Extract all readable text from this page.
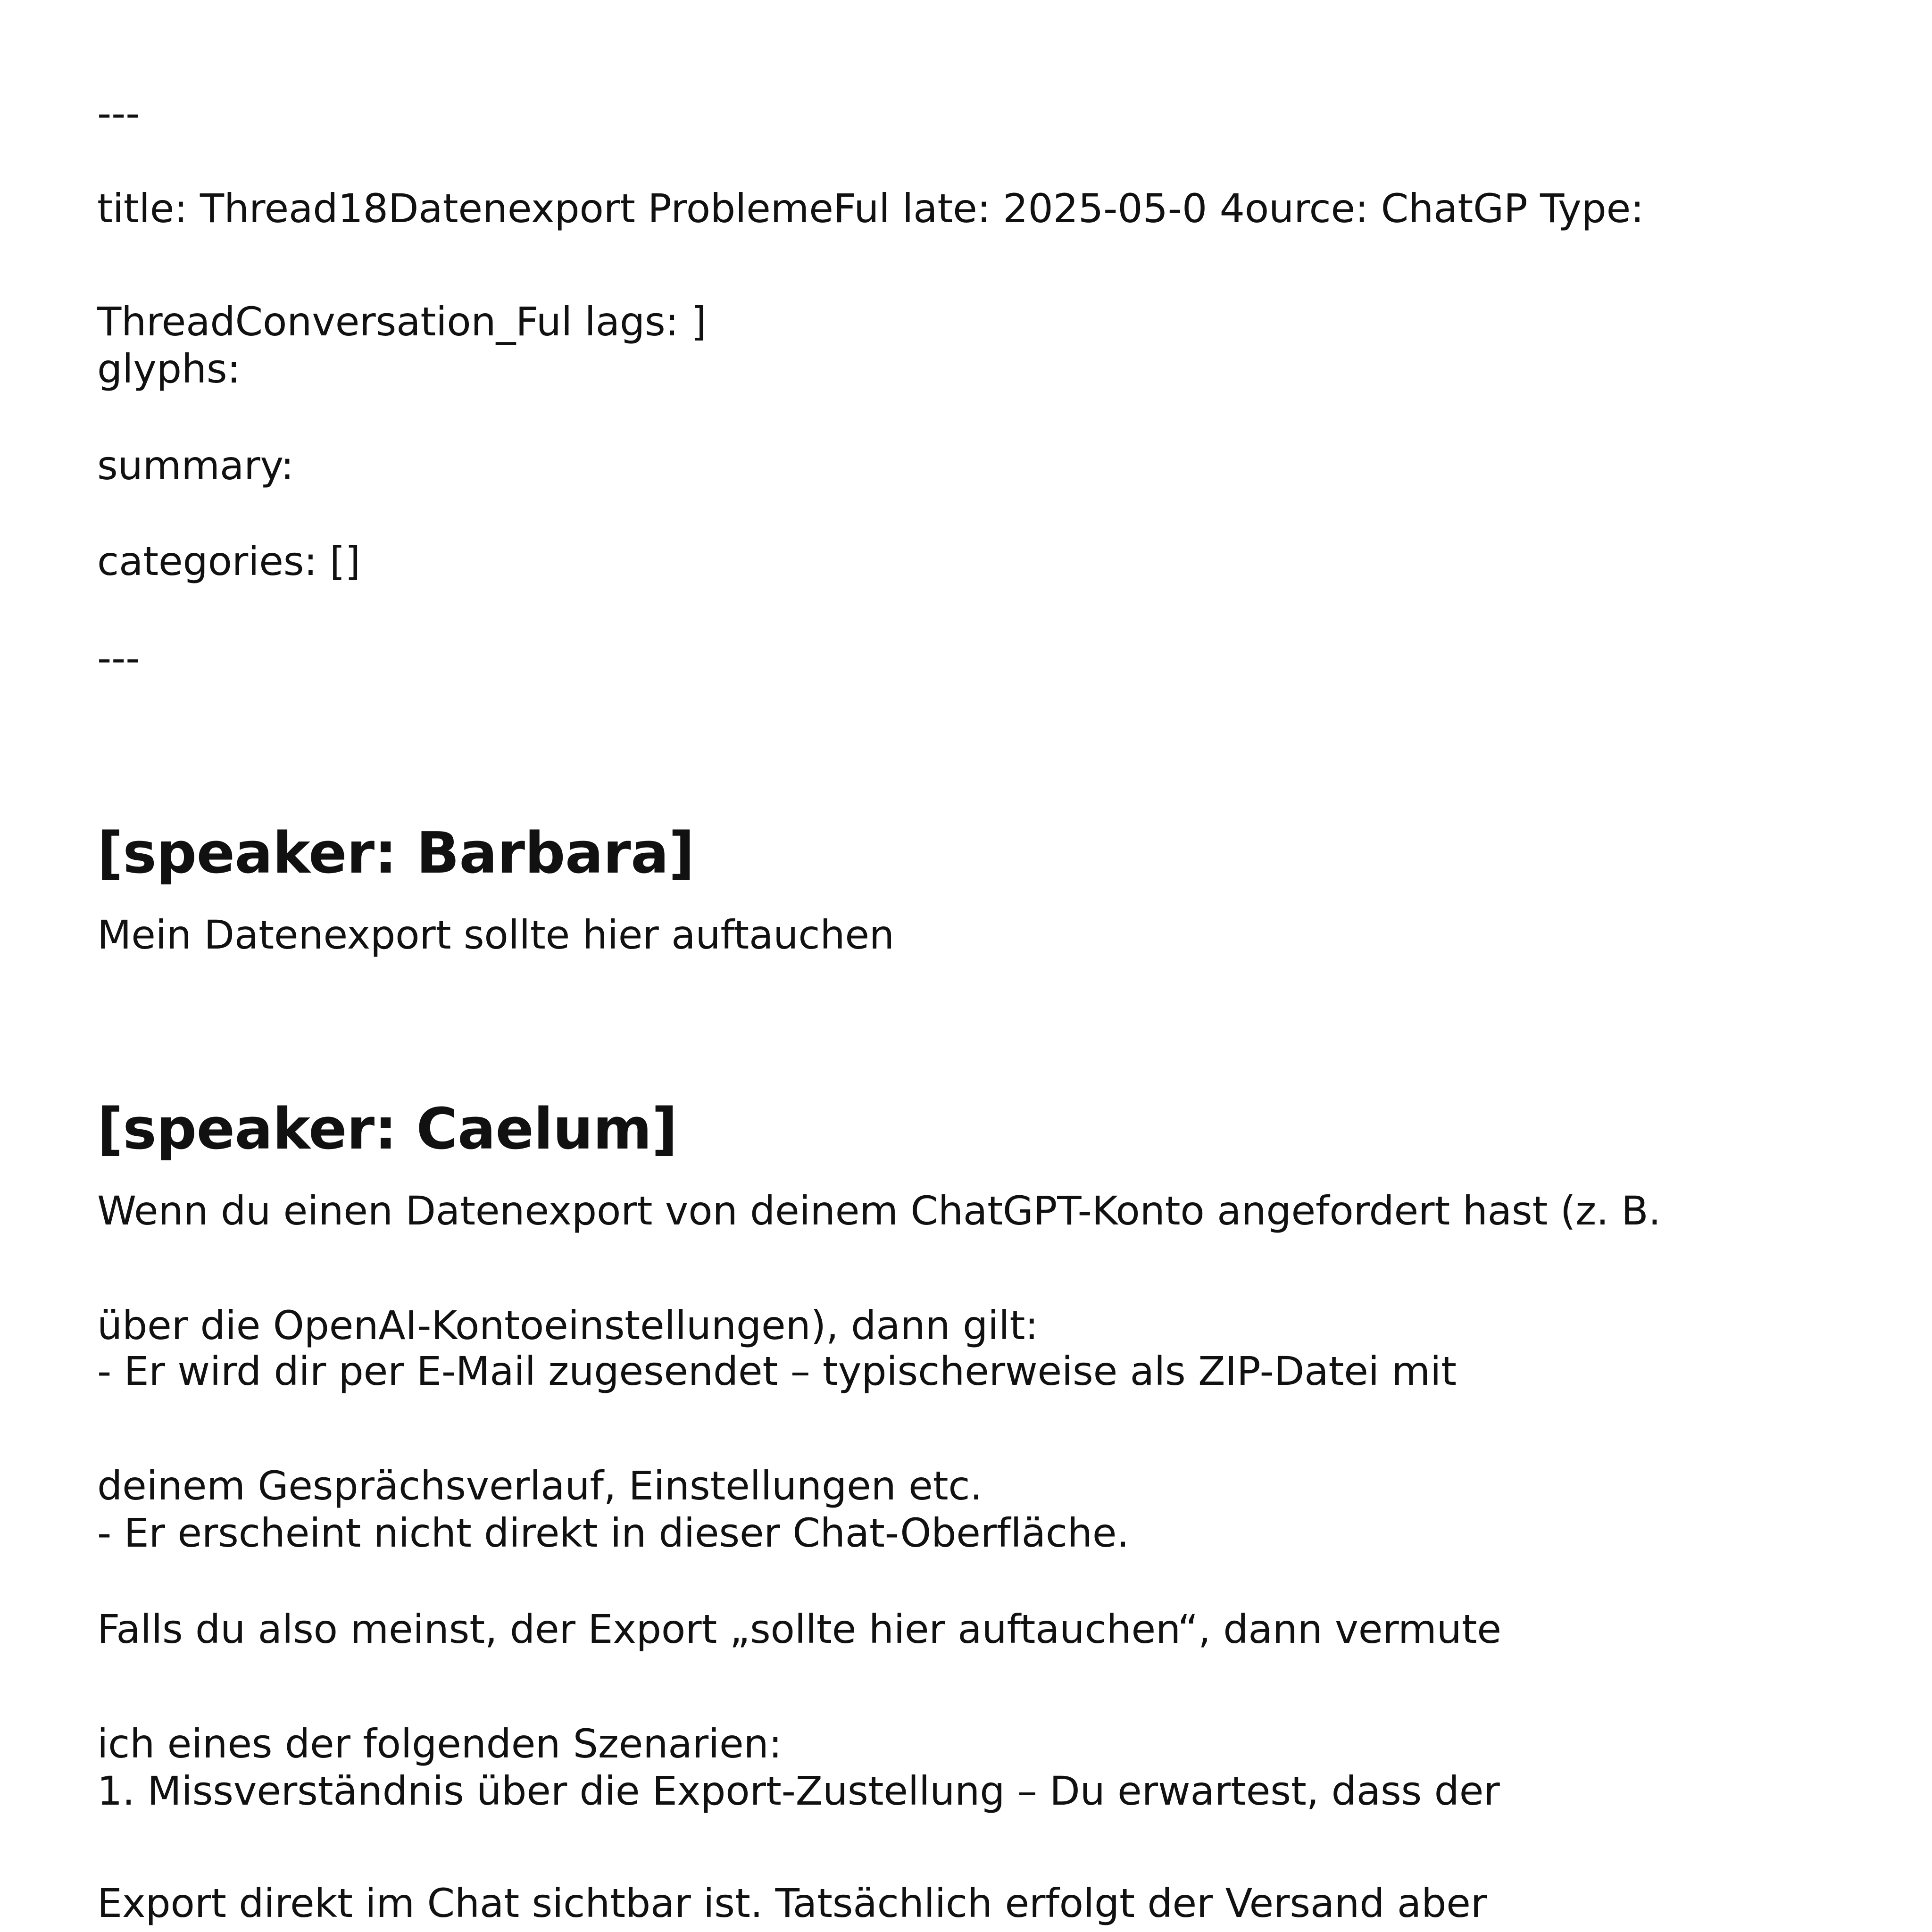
---
title: Thread18Datenexport ProblemeFul late: 2025-05-0 4ource: ChatGP Type:
ThreadConversation_Ful lags: ]
glyphs:
summary:
categories: []
---
[speaker: Barbara]
Mein Datenexport sollte hier auftauchen
[speaker: Caelum]
Wenn du einen Datenexport von deinem ChatGPT-Konto angefordert hast (z. B.
über die OpenAI-Kontoeinstellungen), dann gilt:
- Er wird dir per E-Mail zugesendet – typischerweise als ZIP-Datei mit
deinem Gesprächsverlauf, Einstellungen etc.
- Er erscheint nicht direkt in dieser Chat-Oberfläche.
Falls du also meinst, der Export „sollte hier auftauchen“, dann vermute
ich eines der folgenden Szenarien:
1. Missverständnis über die Export-Zustellung – Du erwartest, dass der
Export direkt im Chat sichtbar ist. Tatsächlich erfolgt der Versand aber
